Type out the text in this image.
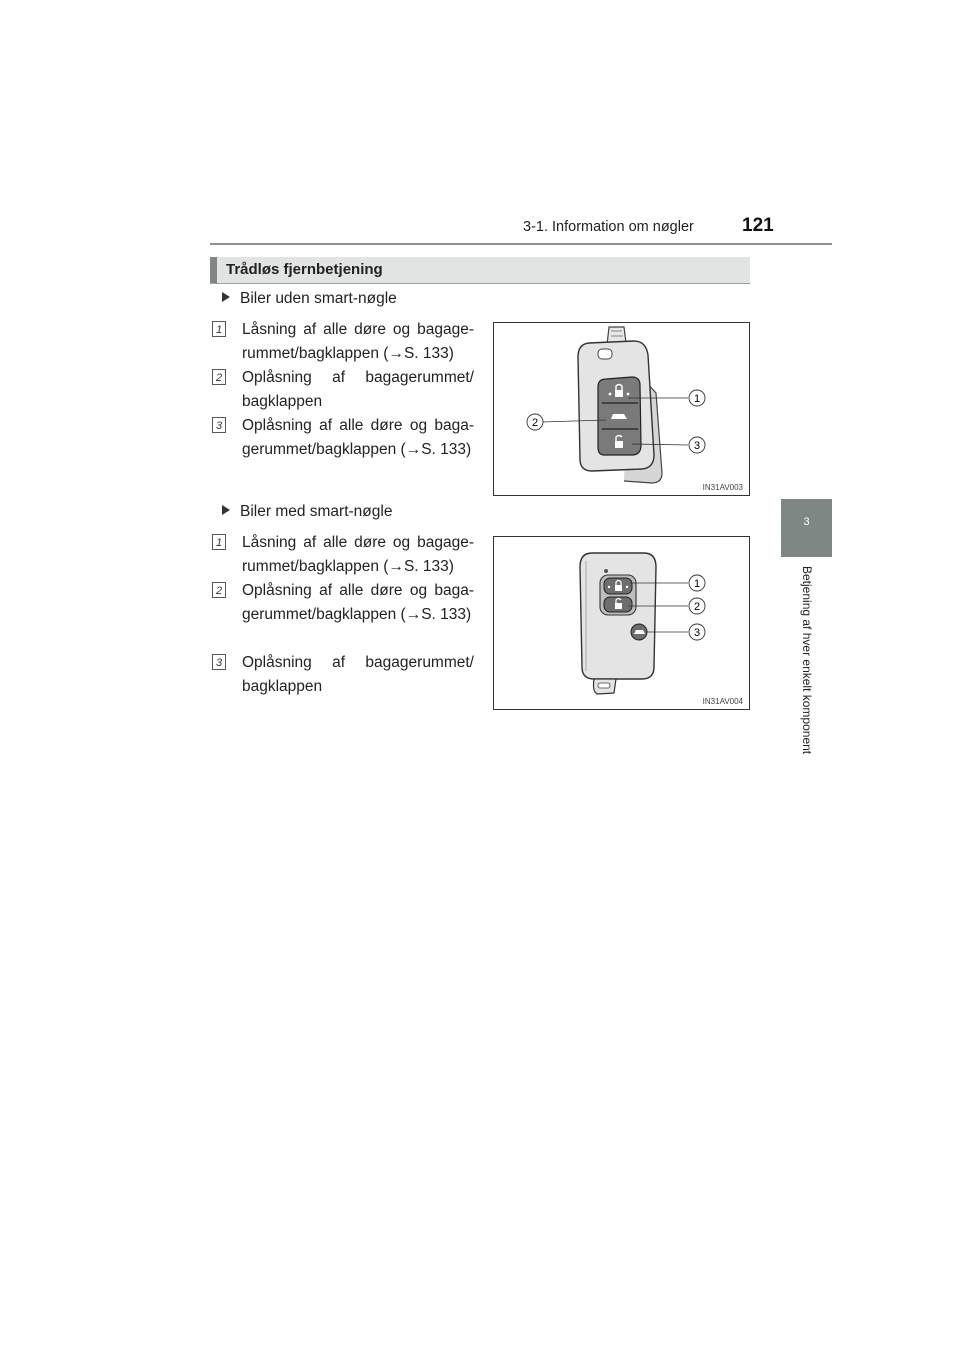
3-1. Information om nøgler	121
3
Betjening af hver enkelt komponent
Trådløs fjernbetjening
Biler uden smart-nøgle
1 Låsning af alle døre og bagage-rummet/bagklappen (→S. 133)
2 Oplåsning af bagagerummet/ bagklappen
3 Oplåsning af alle døre og baga-gerummet/bagklappen (→S. 133)
1
2
3
IN31AV003
Biler med smart-nøgle
1 Låsning af alle døre og bagage-rummet/bagklappen (→S. 133)
2 Oplåsning af alle døre og baga-gerummet/bagklappen (→S. 133)
3 Oplåsning af bagagerummet/ bagklappen
1
2
3
IN31AV004
